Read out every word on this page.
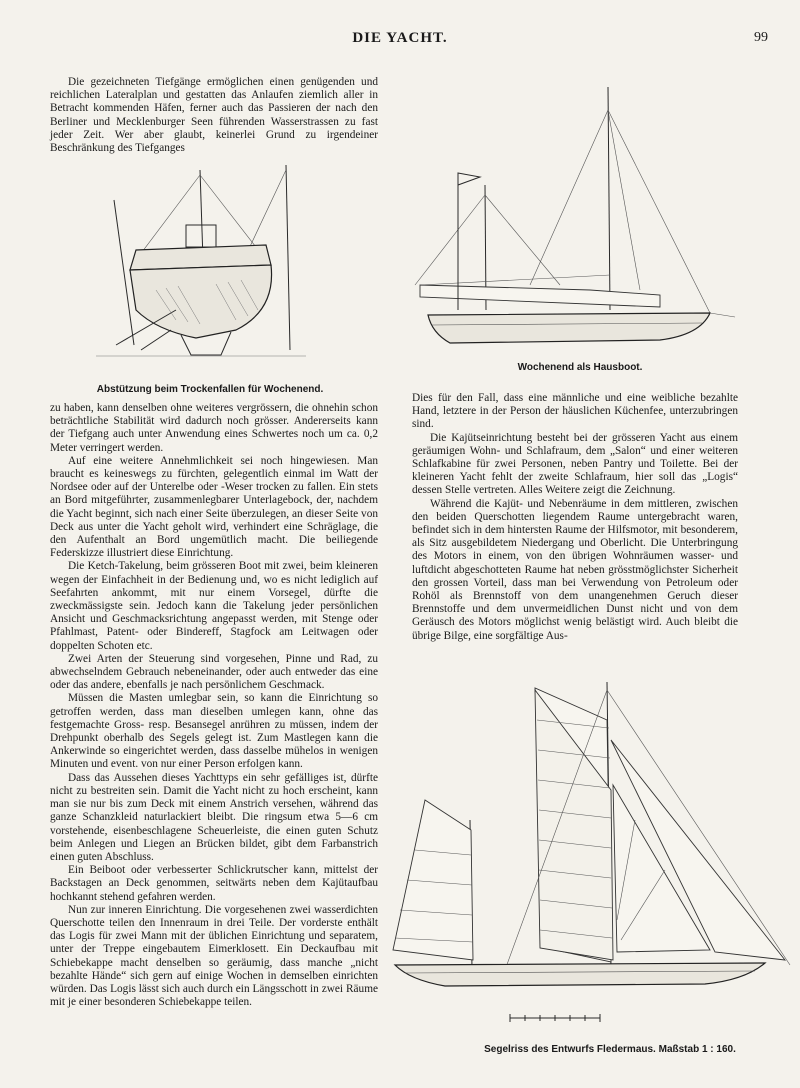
DIE YACHT.	99

Die gezeichneten Tiefgänge ermöglichen einen genügenden und reichlichen Lateralplan und gestatten das Anlaufen ziemlich aller in Betracht kommenden Häfen, ferner auch das Passieren der nach den Berliner und Mecklenburger Seen führenden Wasserstrassen zu fast jeder Zeit. Wer aber glaubt, keinerlei Grund zu irgendeiner Beschränkung des Tiefganges

Abstützung beim Trockenfallen für Wochenend.
Wochenend als Hausboot.

zu haben, kann denselben ohne weiteres vergrössern, die ohnehin schon beträchtliche Stabilität wird dadurch noch grösser. Andererseits kann der Tiefgang auch unter Anwendung eines Schwertes noch um ca. 0,2 Meter verringert werden.

Auf eine weitere Annehmlichkeit sei noch hingewiesen. Man braucht es keineswegs zu fürchten, gelegentlich einmal im Watt der Nordsee oder auf der Unterelbe oder -Weser trocken zu fallen. Ein stets an Bord mitgeführter, zusammenlegbarer Unterlagebock, der, nachdem die Yacht beginnt, sich nach einer Seite überzulegen, an dieser Seite von Deck aus unter die Yacht geholt wird, verhindert eine Schräglage, die den Aufenthalt an Bord ungemütlich macht. Die beiliegende Federskizze illustriert diese Einrichtung.

Die Ketch-Takelung, beim grösseren Boot mit zwei, beim kleineren wegen der Einfachheit in der Bedienung und, wo es nicht lediglich auf Seefahrten ankommt, mit nur einem Vorsegel, dürfte die zweckmässigste sein. Jedoch kann die Takelung jeder persönlichen Ansicht und Geschmacksrichtung angepasst werden, mit Stenge oder Pfahlmast, Patent- oder Bindereff, Stagfock am Leitwagen oder doppelten Schoten etc.

Zwei Arten der Steuerung sind vorgesehen, Pinne und Rad, zu abwechselndem Gebrauch nebeneinander, oder auch entweder das eine oder das andere, ebenfalls je nach persönlichem Geschmack.

Müssen die Masten umlegbar sein, so kann die Einrichtung so getroffen werden, dass man dieselben umlegen kann, ohne das festgemachte Gross- resp. Besansegel anrühren zu müssen, indem der Drehpunkt oberhalb des Segels gelegt ist. Zum Mastlegen kann die Ankerwinde so eingerichtet werden, dass dasselbe mühelos in wenigen Minuten und event. von nur einer Person erfolgen kann.

Dass das Aussehen dieses Yachttyps ein sehr gefälliges ist, dürfte nicht zu bestreiten sein. Damit die Yacht nicht zu hoch erscheint, kann man sie nur bis zum Deck mit einem Anstrich versehen, während das ganze Schanzkleid naturlackiert bleibt. Die ringsum etwa 5—6 cm vorstehende, eisenbeschlagene Scheuerleiste, die einen guten Schutz beim Anlegen und Liegen an Brücken bildet, gibt dem Farbanstrich einen guten Abschluss.

Ein Beiboot oder verbesserter Schlickrutscher kann, mittelst der Backstagen an Deck genommen, seitwärts neben dem Kajütaufbau hochkannt stehend gefahren werden.

Nun zur inneren Einrichtung. Die vorgesehenen zwei wasserdichten Querschotte teilen den Innenraum in drei Teile. Der vorderste enthält das Logis für zwei Mann mit der üblichen Einrichtung und separatem, unter der Treppe eingebautem Eimerklosett. Ein Deckaufbau mit Schiebekappe macht denselben so geräumig, dass manche „nicht bezahlte Hände“ sich gern auf einige Wochen in demselben einrichten würden. Das Logis lässt sich auch durch ein Längsschott in zwei Räume mit je einer besonderen Schiebekappe teilen.

Dies für den Fall, dass eine männliche und eine weibliche bezahlte Hand, letztere in der Person der häuslichen Küchenfee, unterzubringen sind.

Die Kajütseinrichtung besteht bei der grösseren Yacht aus einem geräumigen Wohn- und Schlafraum, dem „Salon“ und einer weiteren Schlafkabine für zwei Personen, neben Pantry und Toilette. Bei der kleineren Yacht fehlt der zweite Schlafraum, hier soll das „Logis“ dessen Stelle vertreten. Alles Weitere zeigt die Zeichnung.

Während die Kajüt- und Nebenräume in dem mittleren, zwischen den beiden Querschotten liegendem Raume untergebracht waren, befindet sich in dem hintersten Raume der Hilfsmotor, mit besonderem, als Sitz ausgebildetem Niedergang und Oberlicht. Die Unterbringung des Motors in einem, von den übrigen Wohnräumen wasser- und luftdicht abgeschotteten Raume hat neben grösstmöglichster Sicherheit den grossen Vorteil, dass man bei Verwendung von Petroleum oder Rohöl als Brennstoff von dem unangenehmen Geruch dieser Brennstoffe und dem unvermeidlichen Dunst nicht und von dem Geräusch des Motors möglichst wenig belästigt wird. Auch bleibt die übrige Bilge, eine sorgfältige Aus-

Segelriss des Entwurfs Fledermaus. Maßstab 1 : 160.
